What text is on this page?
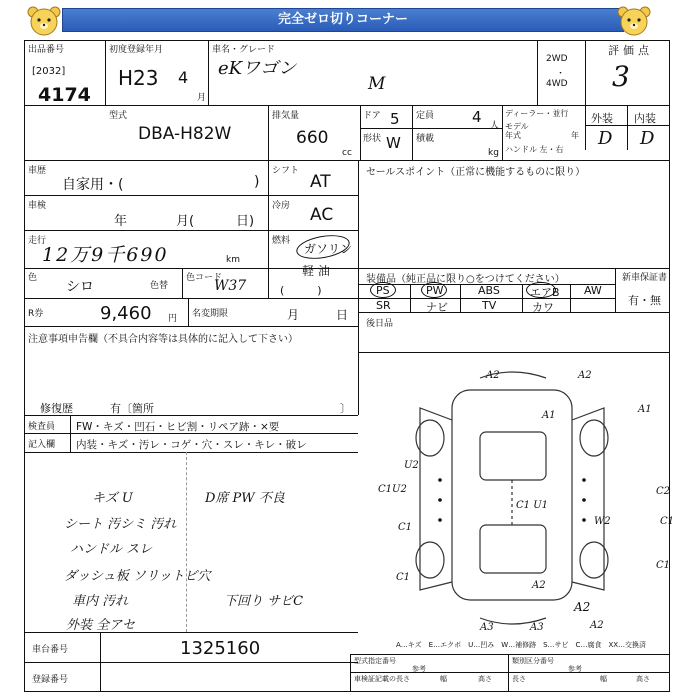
完全ゼロ切りコーナー
出品番号
[2032]
4174
初度登録年月
H23 4
月
車名・グレード
eKワゴン
M
2WD
・
4WD
評価点
3
型式
DBA-H82W
排気量
660
cc
ドア 5
形状 W
定員	4 人
積載
kg
ディーラー・並行
モデル
年式	年
ハンドル 左・右
外装 内装
D D
車歴
自家用・(	)
シフト
AT
車検
年	月(	日)
冷房 AC
走行
12万9千690	km
燃料
ガソリン
軽 油
(　　　)
色
シロ	色替
色コード
W37
R券	9,460 円 名変期限	月	日
注意事項申告欄（不具合内容等は具体的に記入して下さい）
修復歴	有〔箇所	〕
セールスポイント（正常に機能するものに限り）
装備品（純正品に限り○をつけてください）	新車保証書
有・無
PS	PW	ABS	エアB AW
SR	ナビ	TV	カワ
後日品
検査員
記入欄
FW・キズ・凹石・ヒビ割・リペア跡・×要
内装・キズ・汚レ・コゲ・穴・スレ・キレ・破レ
キズ U
シート 汚シミ 汚れ
ハンドル スレ
ダッシュ板 ソリットビ穴
車内 汚れ
外装 全アセ
D席 PW 不良
下回り サビC
A2	A2
A1
A1
U2
C1U2
C1 U1
C2
W2
C1
C1
C1
C1
A2
A2
A3	A3	A2
A…キズ　E…エクボ　U…凹み　W…補修跡　S…サビ　C…腐食　XX…交換済
車台番号	1325160
登録番号
型式指定番号	類別区分番号
参考
車検証記載の長さ	幅	高さ
参考
長さ	幅	高さ
